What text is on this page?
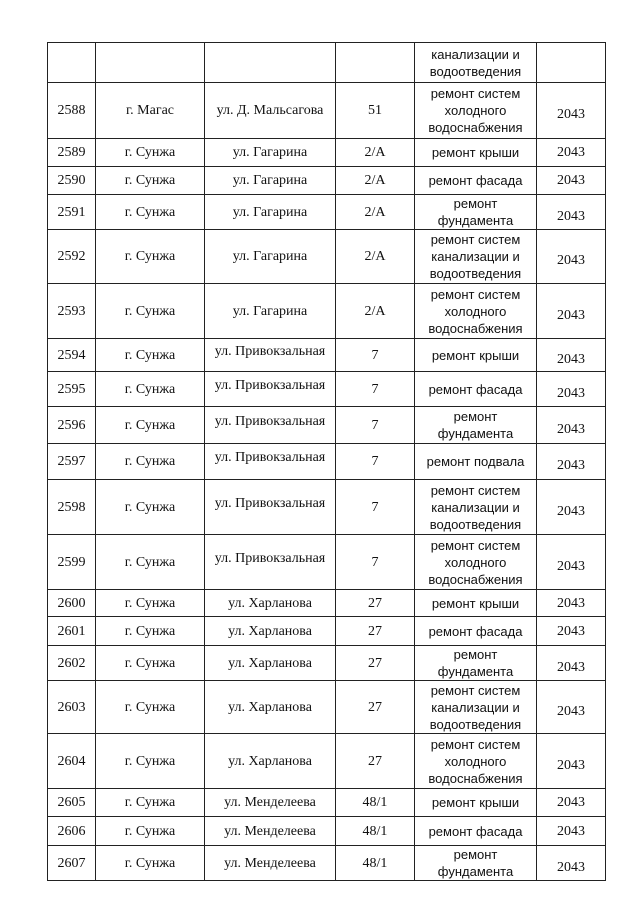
				канализации и водоотведения	

2588	г. Магас	ул. Д. Мальсагова	51	ремонт систем холодного водоснабжения	2043

2589	г. Сунжа	ул. Гагарина	2/А	ремонт крыши	2043

2590	г. Сунжа	ул. Гагарина	2/А	ремонт фасада	2043

2591	г. Сунжа	ул. Гагарина	2/А	ремонт фундамента	2043

2592	г. Сунжа	ул. Гагарина	2/А	ремонт систем канализации и водоотведения	2043

2593	г. Сунжа	ул. Гагарина	2/А	ремонт систем холодного водоснабжения	2043

2594	г. Сунжа	ул. Привокзальная	7	ремонт крыши	2043

2595	г. Сунжа	ул. Привокзальная	7	ремонт фасада	2043

2596	г. Сунжа	ул. Привокзальная	7	ремонт фундамента	2043

2597	г. Сунжа	ул. Привокзальная	7	ремонт подвала	2043

2598	г. Сунжа	ул. Привокзальная	7	ремонт систем канализации и водоотведения	2043

2599	г. Сунжа	ул. Привокзальная	7	ремонт систем холодного водоснабжения	2043

2600	г. Сунжа	ул. Харланова	27	ремонт крыши	2043

2601	г. Сунжа	ул. Харланова	27	ремонт фасада	2043

2602	г. Сунжа	ул. Харланова	27	ремонт фундамента	2043

2603	г. Сунжа	ул. Харланова	27	ремонт систем канализации и водоотведения	2043

2604	г. Сунжа	ул. Харланова	27	ремонт систем холодного водоснабжения	2043

2605	г. Сунжа	ул. Менделеева	48/1	ремонт крыши	2043

2606	г. Сунжа	ул. Менделеева	48/1	ремонт фасада	2043

2607	г. Сунжа	ул. Менделеева	48/1	ремонт фундамента	2043
